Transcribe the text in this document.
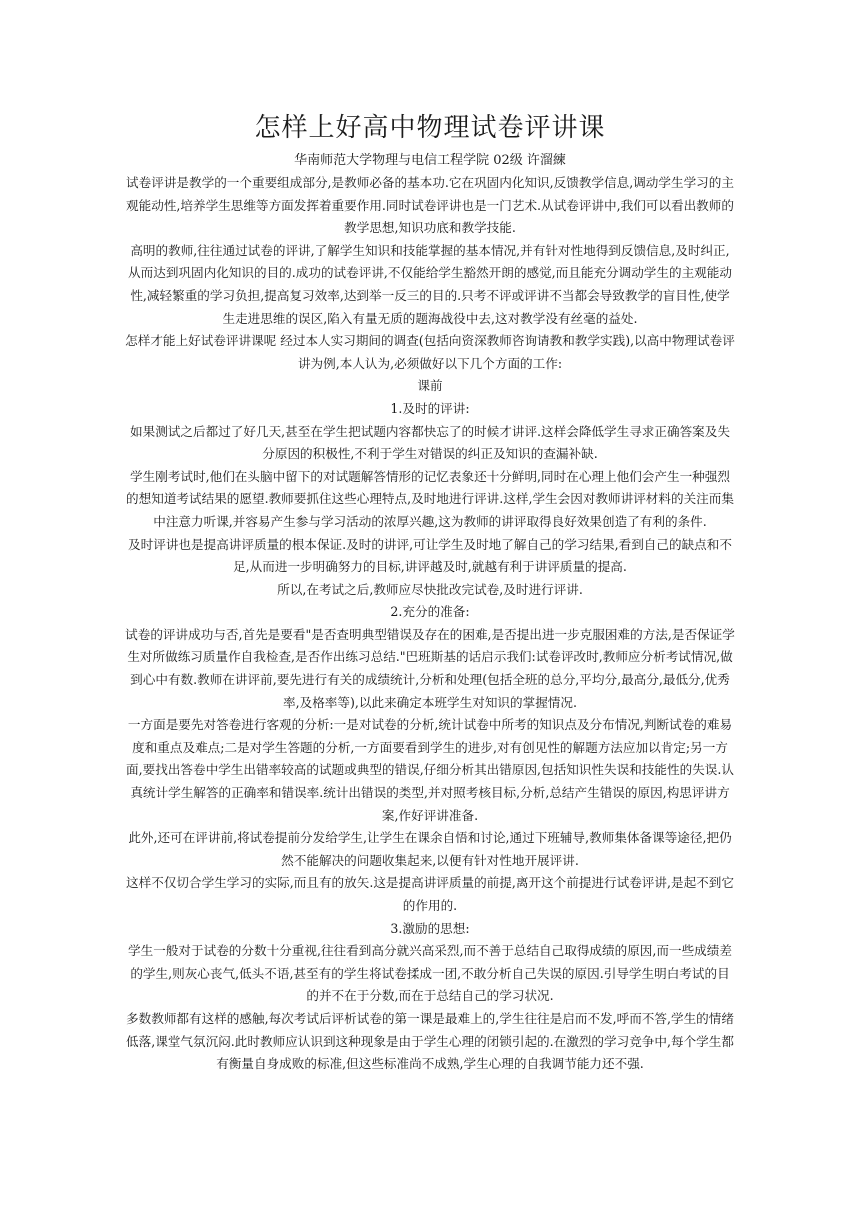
怎样上好高中物理试卷评讲课

华南师范大学物理与电信工程学院 02级 许溜練

试卷评讲是教学的一个重要组成部分,是教师必备的基本功.它在巩固内化知识,反馈教学信息,调动学生学习的主观能动性,培养学生思维等方面发挥着重要作用.同时试卷评讲也是一门艺术.从试卷评讲中,我们可以看出教师的教学思想,知识功底和教学技能.

高明的教师,往往通过试卷的评讲,了解学生知识和技能掌握的基本情况,并有针对性地得到反馈信息,及时纠正,从而达到巩固内化知识的目的.成功的试卷评讲,不仅能给学生豁然开朗的感觉,而且能充分调动学生的主观能动性,减轻繁重的学习负担,提高复习效率,达到举一反三的目的.只考不评或评讲不当都会导致教学的盲目性,使学生走进思维的误区,陷入有量无质的题海战役中去,这对教学没有丝毫的益处.

怎样才能上好试卷评讲课呢 经过本人实习期间的调查(包括向资深教师咨询请教和教学实践),以高中物理试卷评讲为例,本人认为,必须做好以下几个方面的工作:

课前

1.及时的评讲:

如果测试之后都过了好几天,甚至在学生把试题内容都快忘了的时候才讲评.这样会降低学生寻求正确答案及失分原因的积极性,不利于学生对错误的纠正及知识的查漏补缺.

学生刚考试时,他们在头脑中留下的对试题解答情形的记忆表象还十分鲜明,同时在心理上他们会产生一种强烈的想知道考试结果的愿望.教师要抓住这些心理特点,及时地进行评讲.这样,学生会因对教师讲评材料的关注而集中注意力听课,并容易产生参与学习活动的浓厚兴趣,这为教师的讲评取得良好效果创造了有利的条件.

及时评讲也是提高讲评质量的根本保证.及时的讲评,可让学生及时地了解自己的学习结果,看到自己的缺点和不足,从而进一步明确努力的目标,讲评越及时,就越有利于讲评质量的提高.

所以,在考试之后,教师应尽快批改完试卷,及时进行评讲.

2.充分的准备:

试卷的评讲成功与否,首先是要看"是否查明典型错误及存在的困难,是否提出进一步克服困难的方法,是否保证学生对所做练习质量作自我检查,是否作出练习总结."巴班斯基的话启示我们:试卷评改时,教师应分析考试情况,做到心中有数.教师在讲评前,要先进行有关的成绩统计,分析和处理(包括全班的总分,平均分,最高分,最低分,优秀率,及格率等),以此来确定本班学生对知识的掌握情况.

一方面是要先对答卷进行客观的分析:一是对试卷的分析,统计试卷中所考的知识点及分布情况,判断试卷的难易度和重点及难点;二是对学生答题的分析,一方面要看到学生的进步,对有创见性的解题方法应加以肯定;另一方面,要找出答卷中学生出错率较高的试题或典型的错误,仔细分析其出错原因,包括知识性失误和技能性的失误.认真统计学生解答的正确率和错误率.统计出错误的类型,并对照考核目标,分析,总结产生错误的原因,构思评讲方案,作好评讲准备.

此外,还可在评讲前,将试卷提前分发给学生,让学生在课余自悟和讨论,通过下班辅导,教师集体备课等途径,把仍然不能解决的问题收集起来,以便有针对性地开展评讲.

这样不仅切合学生学习的实际,而且有的放矢.这是提高讲评质量的前提,离开这个前提进行试卷评讲,是起不到它的作用的.

3.激励的思想:

学生一般对于试卷的分数十分重视,往往看到高分就兴高采烈,而不善于总结自己取得成绩的原因,而一些成绩差的学生,则灰心丧气,低头不语,甚至有的学生将试卷揉成一团,不敢分析自己失误的原因.引导学生明白考试的目的并不在于分数,而在于总结自己的学习状况.

多数教师都有这样的感触,每次考试后评析试卷的第一课是最难上的,学生往往是启而不发,呼而不答,学生的情绪低落,课堂气氛沉闷.此时教师应认识到这种现象是由于学生心理的闭锁引起的.在激烈的学习竞争中,每个学生都有衡量自身成败的标准,但这些标准尚不成熟,学生心理的自我调节能力还不强.
